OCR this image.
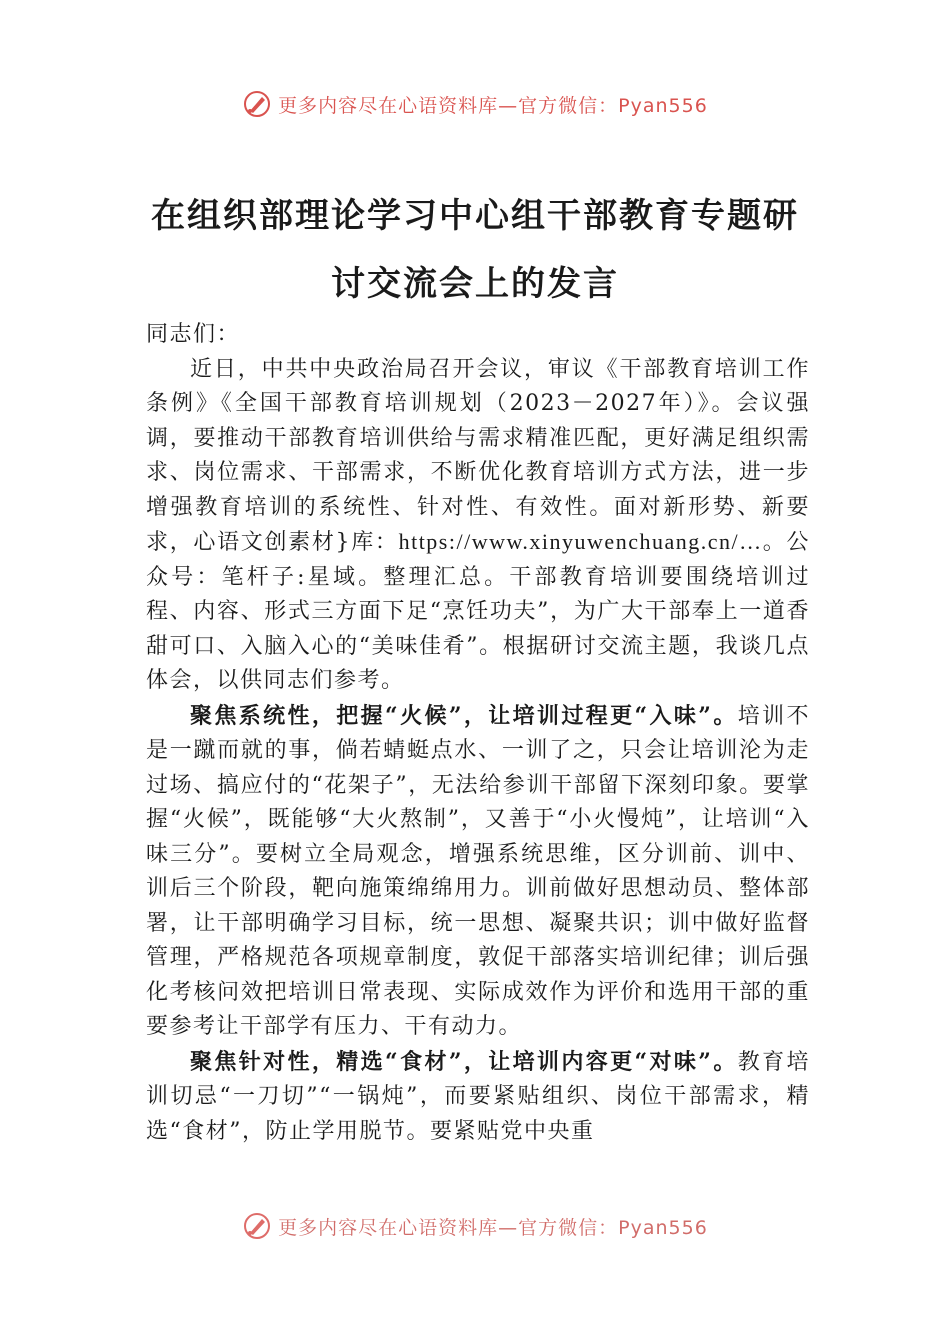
更多内容尽在心语资料库—官方微信：Pyan556
在组织部理论学习中心组干部教育专题研
讨交流会上的发言

同志们：

近日，中共中央政治局召开会议，审议《干部教育培训工作条例》《全国干部教育培训规划（2023－2027年）》。会议强调，要推动干部教育培训供给与需求精准匹配，更好满足组织需求、岗位需求、干部需求，不断优化教育培训方式方法，进一步增强教育培训的系统性、针对性、有效性。面对新形势、新要求，心语文创素材}库：https://www.xinyuwenchuang.cn/…。公众号：笔杆子:星域。整理汇总。干部教育培训要围绕培训过程、内容、形式三方面下足“烹饪功夫”，为广大干部奉上一道香甜可口、入脑入心的“美味佳肴”。根据研讨交流主题，我谈几点体会，以供同志们参考。

聚焦系统性，把握“火候”，让培训过程更“入味”。培训不是一蹴而就的事，倘若蜻蜓点水、一训了之，只会让培训沦为走过场、搞应付的“花架子”，无法给参训干部留下深刻印象。要掌握“火候”，既能够“大火熬制”，又善于“小火慢炖”，让培训“入味三分”。要树立全局观念，增强系统思维，区分训前、训中、训后三个阶段，靶向施策绵绵用力。训前做好思想动员、整体部署，让干部明确学习目标，统一思想、凝聚共识；训中做好监督管理，严格规范各项规章制度，敦促干部落实培训纪律；训后强化考核问效把培训日常表现、实际成效作为评价和选用干部的重要参考让干部学有压力、干有动力。

聚焦针对性，精选“食材”，让培训内容更“对味”。教育培训切忌“一刀切”“一锅炖”，而要紧贴组织、岗位干部需求，精选“食材”，防止学用脱节。要紧贴党中央重

更多内容尽在心语资料库—官方微信：Pyan556
